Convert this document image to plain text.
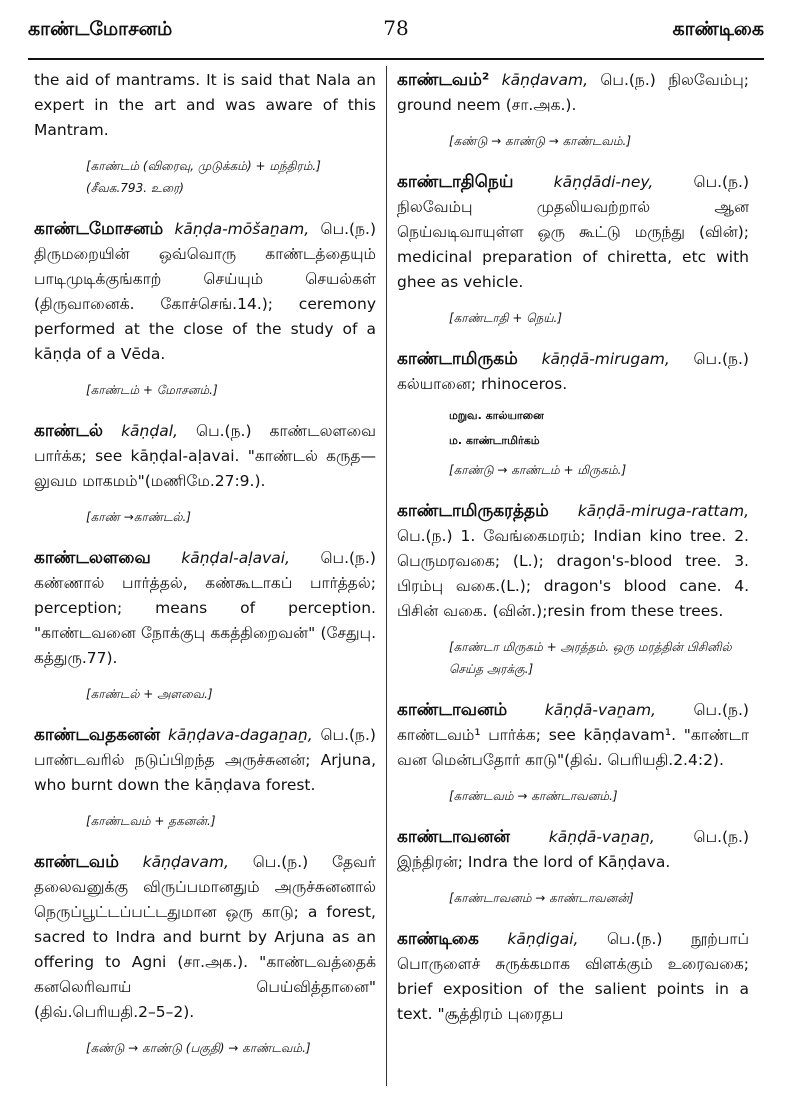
காண்டமோசனம்	78	காண்டிகை

the aid of mantrams. It is said that Nala an expert in the art and was aware of this Mantram.

[காண்டம் (விரைவு, முடுக்கம்) + மந்திரம்.](சீவக.793. உரை)
காண்டமோசனம் kāṇḍa-mōšaṉam, பெ.(ந.) திருமறையின் ஒவ்வொரு காண்டத்தையும் பாடிமுடிக்குங்காற் செய்யும் செயல்கள் (திருவானைக். கோச்செங்.14.); ceremony performed at the close of the study of a kāṇḍa of a Vēda.
[காண்டம் + மோசனம்.]
காண்டல் kāṇḍal, பெ.(ந.) காண்டலளவை பார்க்க; see kāṇḍal-aḷavai. "காண்டல் கருத—லுவம மாகமம்"(மணிமே.27:9.).
[காண் →காண்டல்.]
காண்டலளவை kāṇḍal-aḷavai, பெ.(ந.) கண்ணால் பார்த்தல், கண்கூடாகப் பார்த்தல்; perception; means of perception. "காண்டவனை நோக்குபு ககத்திறைவன்" (சேதுபு. கத்துரு.77).
[காண்டல் + அளவை.]
காண்டவதகனன் kāṇḍava-dagaṉaṉ, பெ.(ந.) பாண்டவரில் நடுப்பிறந்த அருச்சுனன்; Arjuna, who burnt down the kāṇḍava forest.
[காண்டவம் + தகனன்.]
காண்டவம் kāṇḍavam, பெ.(ந.) தேவர் தலைவனுக்கு விருப்பமானதும் அருச்சுனனால் நெருப்பூட்டப்பட்டதுமான ஒரு காடு; a forest, sacred to Indra and burnt by Arjuna as an offering to Agni (சா.அக.). "காண்டவத்தைக் கனலெரிவாய் பெய்வித்தானை" (திவ்.பெரியதி.2–5–2).
[கண்டு → காண்டு (பகுதி) → காண்டவம்.]
காண்டவம்² kāṇḍavam, பெ.(ந.) நிலவேம்பு; ground neem (சா.அக.).
[கண்டு → காண்டு → காண்டவம்.]
காண்டாதிநெய்	kāṇḍādi-ney,	பெ.(ந.) நிலவேம்பு முதலியவற்றால் ஆன நெய்வடிவாயுள்ள ஒரு கூட்டு மருந்து (வின்); medicinal preparation of chiretta, etc with ghee as vehicle.
[காண்டாதி + நெய்.]
காண்டாமிருகம் kāṇḍā-mirugam, பெ.(ந.) கல்யானை; rhinoceros.
மறுவ. கால்யானை
ம. காண்டாமிர்கம்
[காண்டு → காண்டம் + மிருகம்.]
காண்டாமிருகரத்தம் kāṇḍā-miruga-rattam, பெ.(ந.) 1. வேங்கைமரம்; Indian kino tree. 2. பெருமரவகை; (L.); dragon's-blood tree. 3. பிரம்பு வகை.(L.); dragon's blood cane. 4. பிசின் வகை. (வின்.);resin from these trees.
[காண்டா மிருகம் + அரத்தம். ஒரு மரத்தின் பிசினில் செய்த அரக்கு.]
காண்டாவனம் kāṇḍā-vaṉam, பெ.(ந.) காண்டவம்¹ பார்க்க; see kāṇḍavam¹. "காண்டா வன மென்பதோர் காடு"(திவ். பெரியதி.2.4:2).
[காண்டவம் → காண்டாவனம்.]
காண்டாவனன் kāṇḍā-vaṉaṉ, பெ.(ந.) இந்திரன்; Indra the lord of Kāṇḍava.
[காண்டாவனம் → காண்டாவனன்]
காண்டிகை kāṇḍigai, பெ.(ந.) நூற்பாப் பொருளைச் சுருக்கமாக விளக்கும் உரைவகை; brief exposition of the salient points in a text. "சூத்திரம் புரைதப
